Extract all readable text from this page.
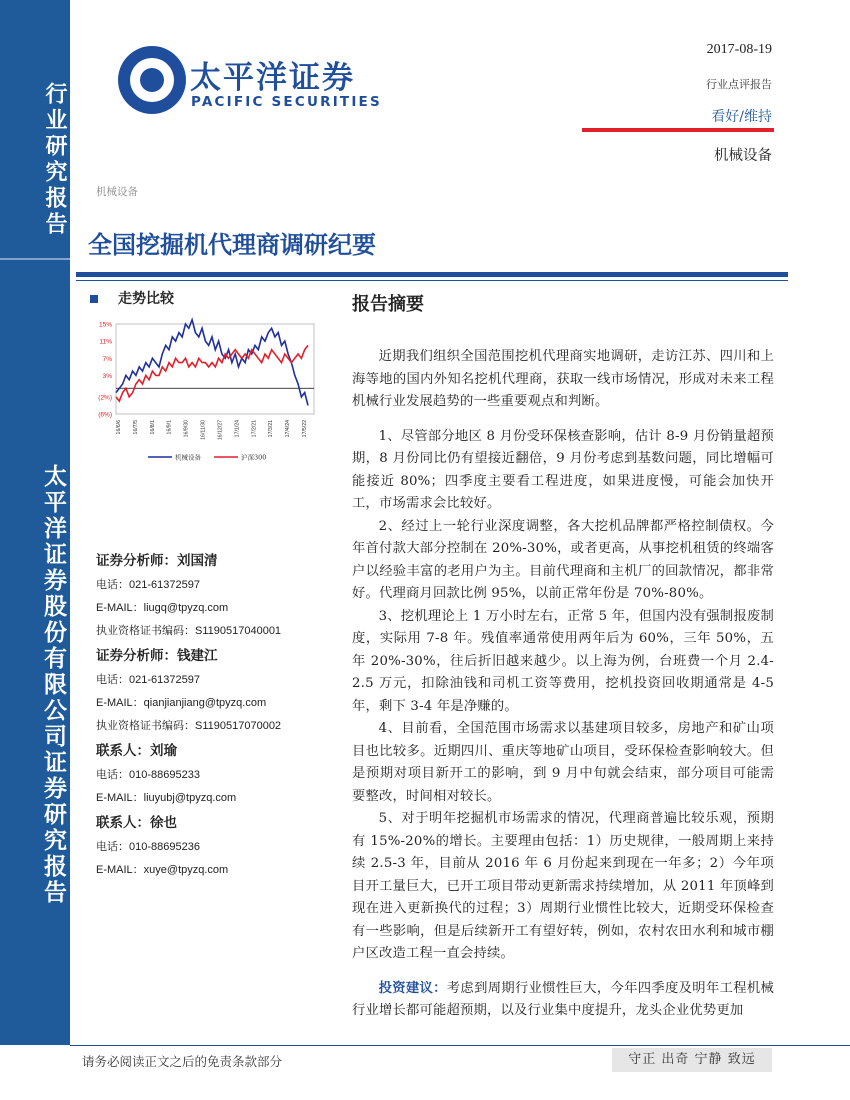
行业研究报告
太平洋证券股份有限公司证券研究报告
太平洋证券
PACIFIC SECURITIES
2017-08-19
行业点评报告
看好/维持
机械设备
机械设备
全国挖掘机代理商调研纪要
走势比较
15%
11%
7%
3%
(2%)
(6%)
16/6/6 16/7/5 16/8/1 16/9/1 16/9/30 16/11/30 16/12/27 17/1/24 17/2/21 17/3/21 17/4/24 17/5/22
机械设备	沪深300
证券分析师：刘国清
电话：021-61372597
E-MAIL：liugq@tpyzq.com
执业资格证书编码：S1190517040001
证券分析师：钱建江
电话：021-61372597
E-MAIL：qianjianjiang@tpyzq.com
执业资格证书编码：S1190517070002
联系人：刘瑜
电话：010-88695233
E-MAIL：liuyubj@tpyzq.com
联系人：徐也
电话：010-88695236
E-MAIL：xuye@tpyzq.com
报告摘要

近期我们组织全国范围挖机代理商实地调研，走访江苏、四川和上海等地的国内外知名挖机代理商，获取一线市场情况，形成对未来工程机械行业发展趋势的一些重要观点和判断。

1、尽管部分地区 8 月份受环保核查影响，估计 8-9 月份销量超预期，8 月份同比仍有望接近翻倍，9 月份考虑到基数问题，同比增幅可能接近 80%；四季度主要看工程进度，如果进度慢，可能会加快开工，市场需求会比较好。

2、经过上一轮行业深度调整，各大挖机品牌都严格控制债权。今年首付款大部分控制在 20%-30%，或者更高，从事挖机租赁的终端客户以经验丰富的老用户为主。目前代理商和主机厂的回款情况，都非常好。代理商月回款比例 95%，以前正常年份是 70%-80%。

3、挖机理论上 1 万小时左右，正常 5 年，但国内没有强制报废制度，实际用 7-8 年。残值率通常使用两年后为 60%，三年 50%，五年 20%-30%，往后折旧越来越少。以上海为例，台班费一个月 2.4-2.5 万元，扣除油钱和司机工资等费用，挖机投资回收期通常是 4-5 年，剩下 3-4 年是净赚的。

4、目前看，全国范围市场需求以基建项目较多，房地产和矿山项目也比较多。近期四川、重庆等地矿山项目，受环保检查影响较大。但是预期对项目新开工的影响，到 9 月中旬就会结束，部分项目可能需要整改，时间相对较长。

5、对于明年挖掘机市场需求的情况，代理商普遍比较乐观，预期有 15%-20%的增长。主要理由包括：1）历史规律，一般周期上来持续 2.5-3 年，目前从 2016 年 6 月份起来到现在一年多；2）今年项目开工量巨大，已开工项目带动更新需求持续增加，从 2011 年顶峰到现在进入更新换代的过程；3）周期行业惯性比较大，近期受环保检查有一些影响，但是后续新开工有望好转，例如，农村农田水利和城市棚户区改造工程一直会持续。

投资建议：考虑到周期行业惯性巨大，今年四季度及明年工程机械行业增长都可能超预期，以及行业集中度提升，龙头企业优势更加

请务必阅读正文之后的免责条款部分	守正 出奇 宁静 致远
